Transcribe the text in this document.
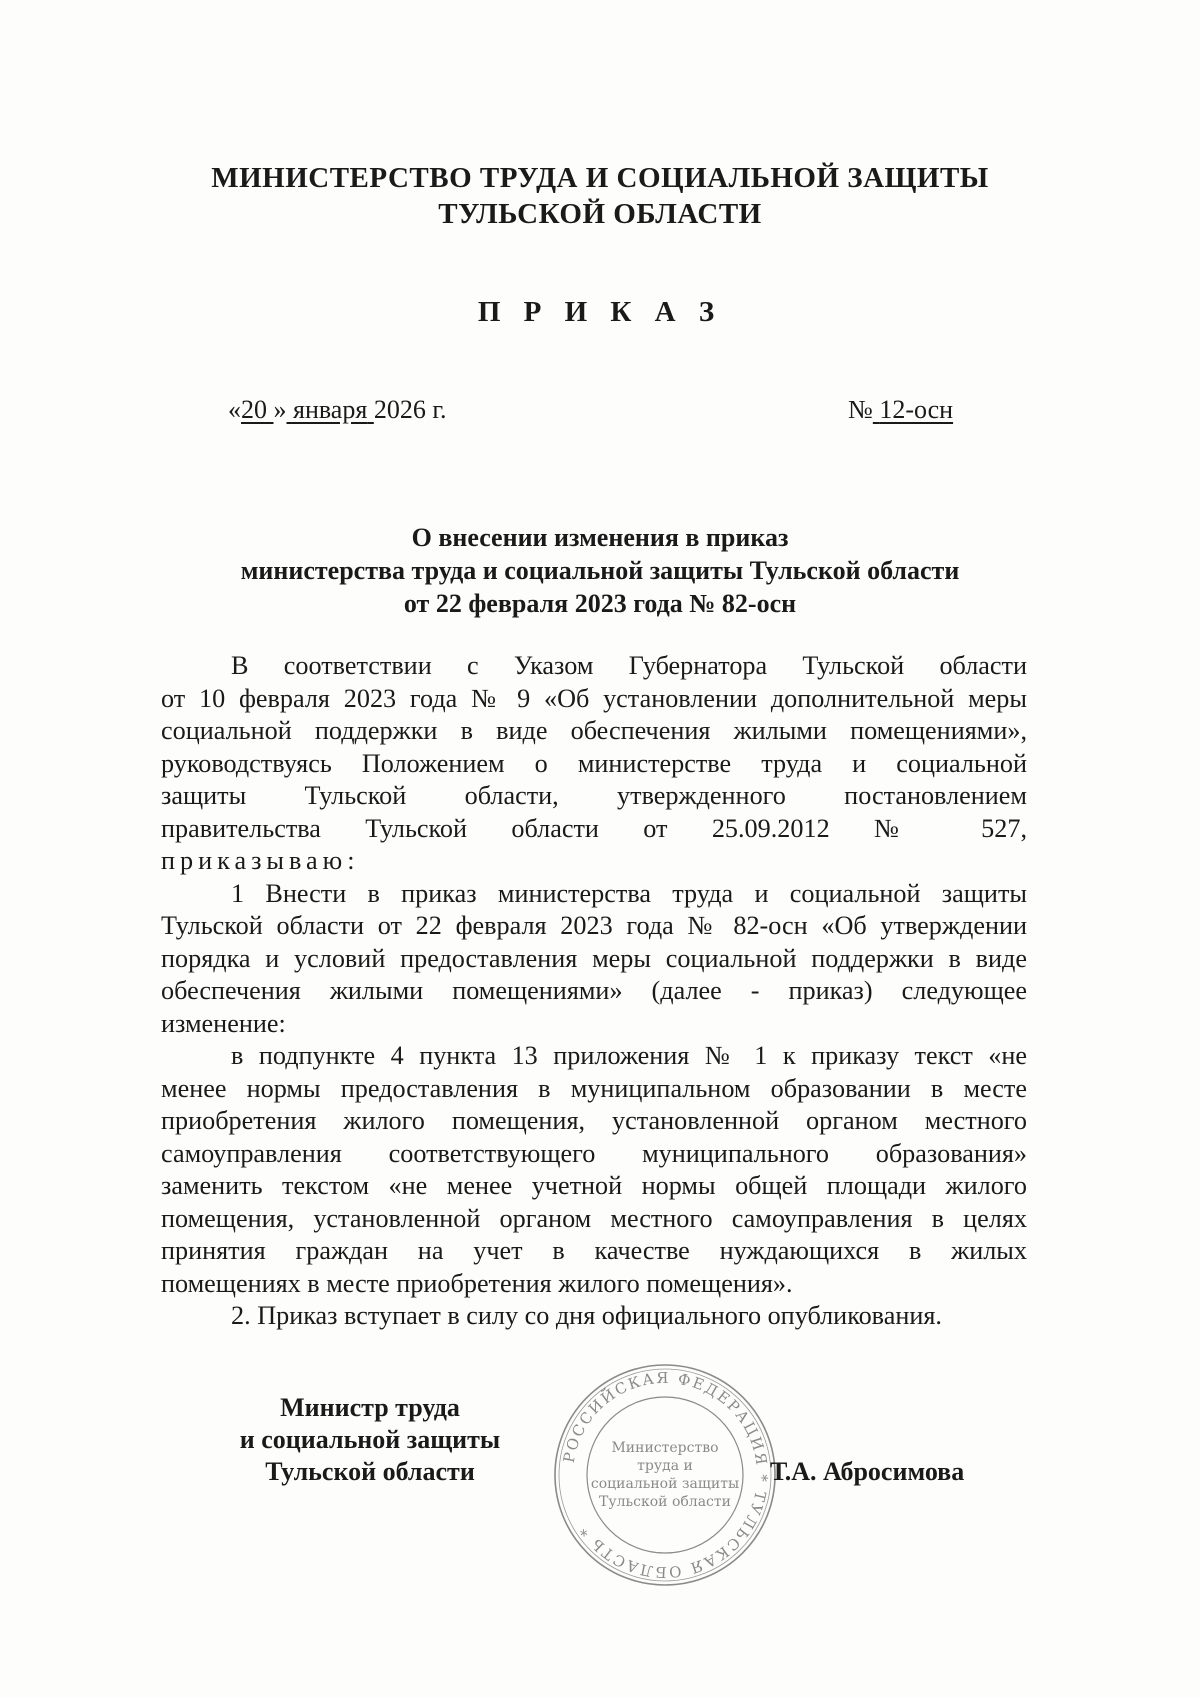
МИНИСТЕРСТВО ТРУДА И СОЦИАЛЬНОЙ ЗАЩИТЫ
ТУЛЬСКОЙ ОБЛАСТИ
П Р И К А З
«20 » января 2026 г.	№ 12-осн
О внесении изменения в приказ
министерства труда и социальной защиты Тульской области
от 22 февраля 2023 года № 82-осн
В соответствии с Указом Губернатора Тульской области
от 10 февраля 2023 года № 9 «Об установлении дополнительной меры
социальной поддержки в виде обеспечения жилыми помещениями»,
руководствуясь Положением о министерстве труда и социальной
защиты Тульской области, утвержденного постановлением
правительства Тульской области от 25.09.2012 № 527,
приказываю:
1 Внести в приказ министерства труда и социальной защиты
Тульской области от 22 февраля 2023 года № 82-осн «Об утверждении
порядка и условий предоставления меры социальной поддержки в виде
обеспечения жилыми помещениями» (далее - приказ) следующее
изменение:
в подпункте 4 пункта 13 приложения № 1 к приказу текст «не
менее нормы предоставления в муниципальном образовании в месте
приобретения жилого помещения, установленной органом местного
самоуправления соответствующего муниципального образования»
заменить текстом «не менее учетной нормы общей площади жилого
помещения, установленной органом местного самоуправления в целях
принятия граждан на учет в качестве нуждающихся в жилых
помещениях в месте приобретения жилого помещения».
2. Приказ вступает в силу со дня официального опубликования.
Министр труда
и социальной защиты
Тульской области
РОССИЙСКАЯ ФЕДЕРАЦИЯ * ТУЛЬСКАЯ ОБЛАСТЬ *
Министерство
труда и
социальной защиты
Тульской области
Т.А. Абросимова
